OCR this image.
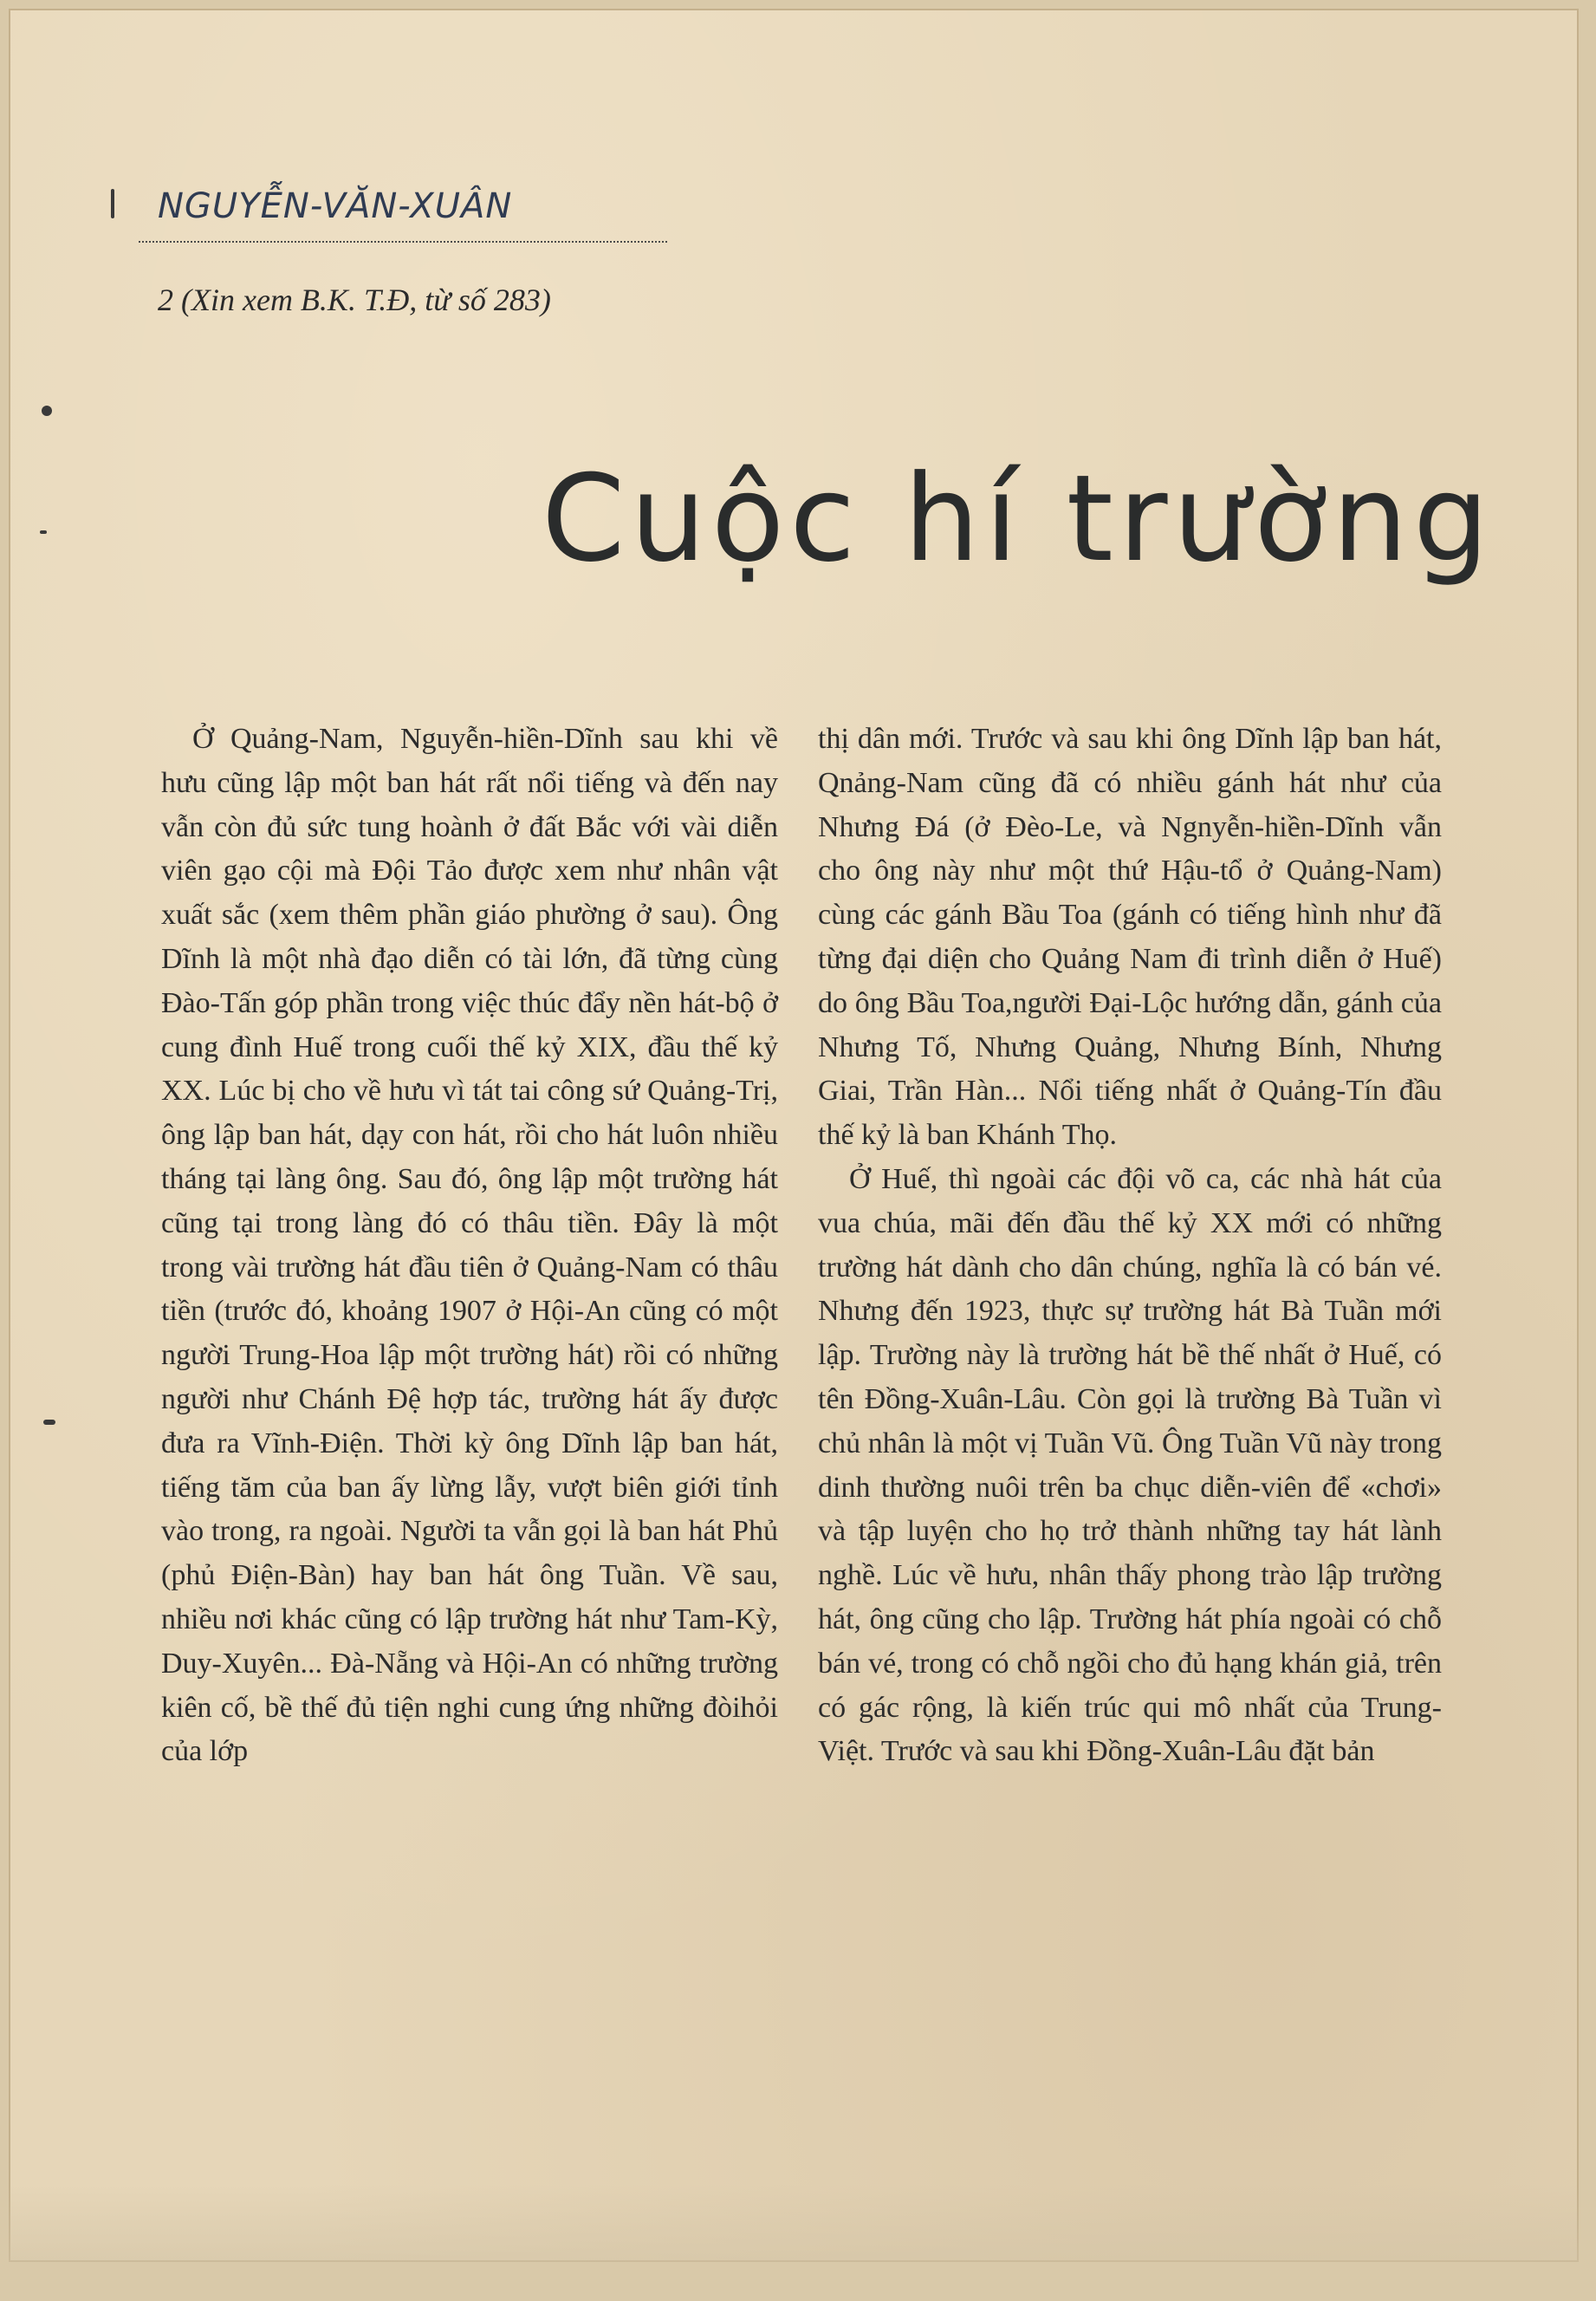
NGUYỄN-VĂN-XUÂN
2 (Xin xem B.K. T.Đ, từ số 283)
Cuộc hí trường

Ở Quảng-Nam, Nguyễn-hiền-Dĩnh sau khi về hưu cũng lập một ban hát rất nổi tiếng và đến nay vẫn còn đủ sức tung hoành ở đất Bắc với vài diễn viên gạo cội mà Đội Tảo được xem như nhân vật xuất sắc (xem thêm phần giáo phường ở sau). Ông Dĩnh là một nhà đạo diễn có tài lớn, đã từng cùng Đào-Tấn góp phần trong việc thúc đẩy nền hát-bộ ở cung đình Huế trong cuối thế kỷ XIX, đầu thế kỷ XX. Lúc bị cho về hưu vì tát tai công sứ Quảng-Trị, ông lập ban hát, dạy con hát, rồi cho hát luôn nhiều tháng tại làng ông. Sau đó, ông lập một trường hát cũng tại trong làng đó có thâu tiền. Đây là một trong vài trường hát đầu tiên ở Quảng-Nam có thâu tiền (trước đó, khoảng 1907 ở Hội-An cũng có một người Trung-Hoa lập một trường hát) rồi có những người như Chánh Đệ hợp tác, trường hát ấy được đưa ra Vĩnh-Điện. Thời kỳ ông Dĩnh lập ban hát, tiếng tăm của ban ấy lừng lẫy, vượt biên giới tỉnh vào trong, ra ngoài. Người ta vẫn gọi là ban hát Phủ (phủ Điện-Bàn) hay ban hát ông Tuần. Về sau, nhiều nơi khác cũng có lập trường hát như Tam-Kỳ, Duy-Xuyên... Đà-Nẵng và Hội-An có những trường kiên cố, bề thế đủ tiện nghi cung ứng những đòihỏi của lớp

thị dân mới. Trước và sau khi ông Dĩnh lập ban hát, Qnảng-Nam cũng đã có nhiều gánh hát như của Nhưng Đá (ở Đèo-Le, và Ngnyễn-hiền-Dĩnh vẫn cho ông này như một thứ Hậu-tổ ở Quảng-Nam) cùng các gánh Bầu Toa (gánh có tiếng hình như đã từng đại diện cho Quảng Nam đi trình diễn ở Huế) do ông Bầu Toa,người Đại-Lộc hướng dẫn, gánh của Nhưng Tố, Nhưng Quảng, Nhưng Bính, Nhưng Giai, Trần Hàn... Nổi tiếng nhất ở Quảng-Tín đầu thế kỷ là ban Khánh Thọ.

Ở Huế, thì ngoài các đội võ ca, các nhà hát của vua chúa, mãi đến đầu thế kỷ XX mới có những trường hát dành cho dân chúng, nghĩa là có bán vé. Nhưng đến 1923, thực sự trường hát Bà Tuần mới lập. Trường này là trường hát bề thế nhất ở Huế, có tên Đồng-Xuân-Lâu. Còn gọi là trường Bà Tuần vì chủ nhân là một vị Tuần Vũ. Ông Tuần Vũ này trong dinh thường nuôi trên ba chục diễn-viên để «chơi» và tập luyện cho họ trở thành những tay hát lành nghề. Lúc về hưu, nhân thấy phong trào lập trường hát, ông cũng cho lập. Trường hát phía ngoài có chỗ bán vé, trong có chỗ ngồi cho đủ hạng khán giả, trên có gác rộng, là kiến trúc qui mô nhất của Trung-Việt. Trước và sau khi Đồng-Xuân-Lâu đặt bản
